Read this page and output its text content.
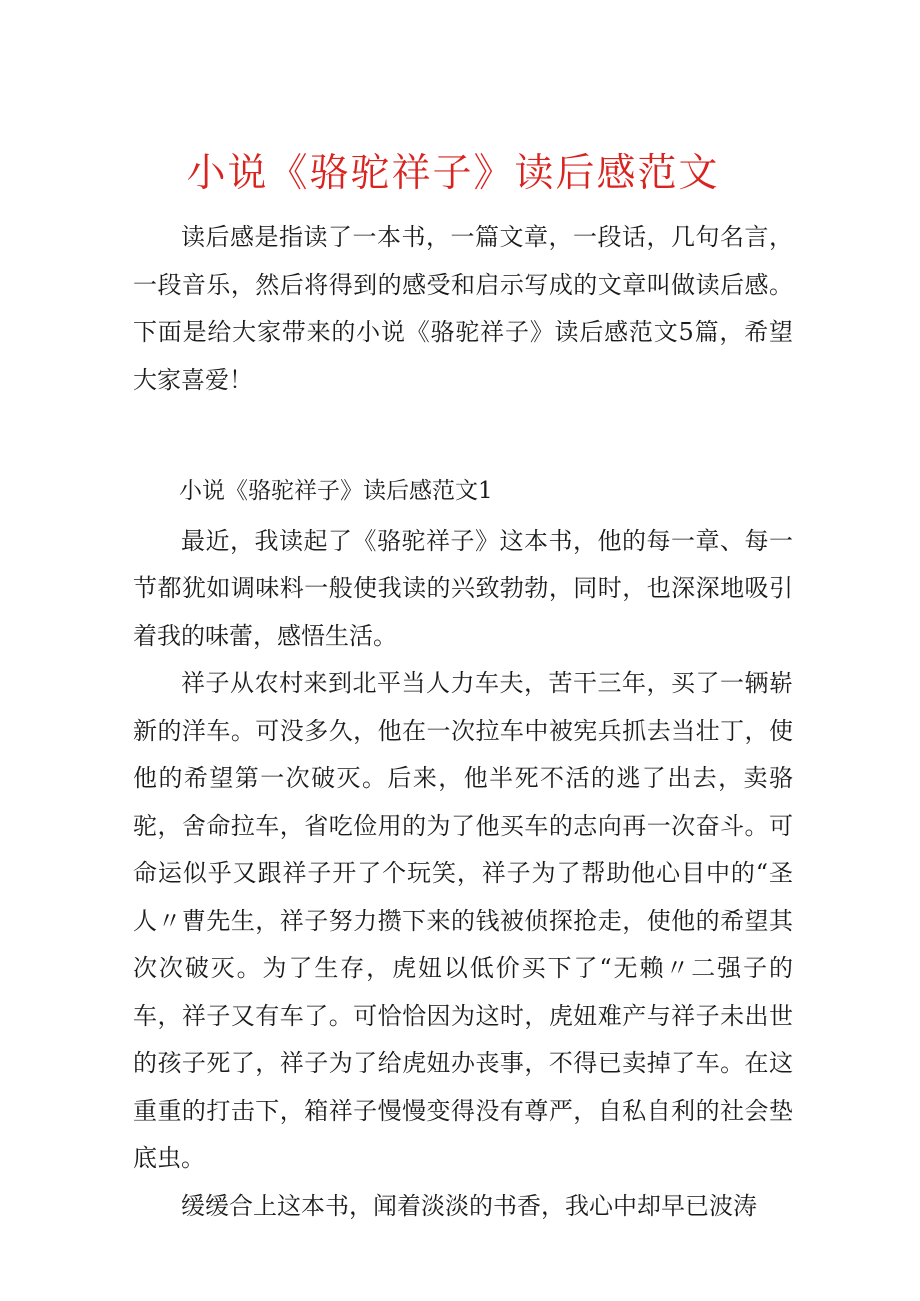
小说《骆驼祥子》读后感范文

读后感是指读了一本书，一篇文章，一段话，几句名言，一段音乐，然后将得到的感受和启示写成的文章叫做读后感。下面是给大家带来的小说《骆驼祥子》读后感范文5篇，希望大家喜爱！

小说《骆驼祥子》读后感范文1

最近，我读起了《骆驼祥子》这本书，他的每一章、每一节都犹如调味料一般使我读的兴致勃勃，同时，也深深地吸引着我的味蕾，感悟生活。

祥子从农村来到北平当人力车夫，苦干三年，买了一辆崭新的洋车。可没多久，他在一次拉车中被宪兵抓去当壮丁，使他的希望第一次破灭。后来，他半死不活的逃了出去，卖骆驼，舍命拉车，省吃俭用的为了他买车的志向再一次奋斗。可命运似乎又跟祥子开了个玩笑，祥子为了帮助他心目中的“圣人〃曹先生，祥子努力攒下来的钱被侦探抢走，使他的希望其次次破灭。为了生存，虎妞以低价买下了“无赖〃二强子的车，祥子又有车了。可恰恰因为这时，虎妞难产与祥子未出世的孩子死了，祥子为了给虎妞办丧事，不得已卖掉了车。在这重重的打击下，箱祥子慢慢变得没有尊严，自私自利的社会垫底虫。

缓缓合上这本书，闻着淡淡的书香，我心中却早已波涛
